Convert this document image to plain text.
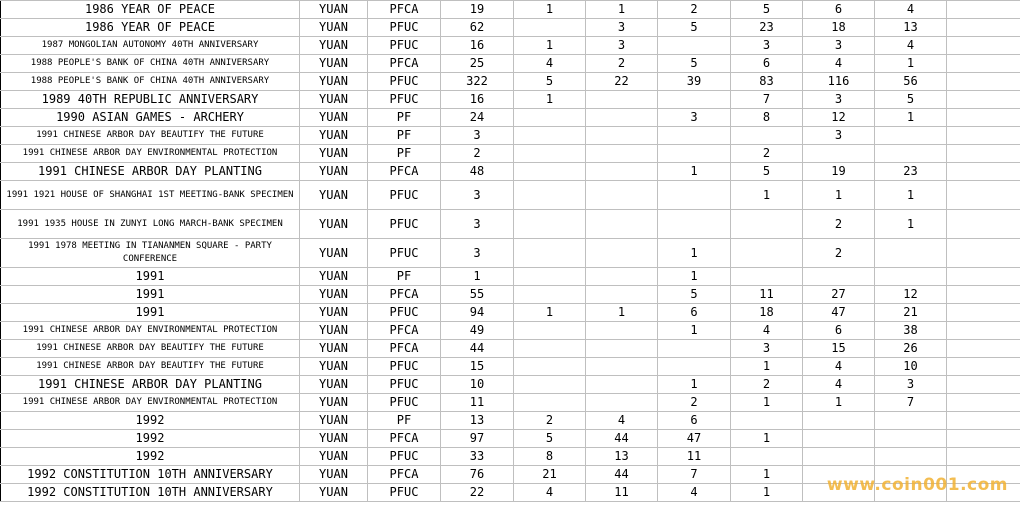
1986 YEAR OF PEACE	YUAN	PFCA	19	1	1	2	5	6	4	
1986 YEAR OF PEACE	YUAN	PFUC	62		3	5	23	18	13	
1987 MONGOLIAN AUTONOMY 40TH ANNIVERSARY	YUAN	PFUC	16	1	3		3	3	4	
1988 PEOPLE'S BANK OF CHINA 40TH ANNIVERSARY	YUAN	PFCA	25	4	2	5	6	4	1	
1988 PEOPLE'S BANK OF CHINA 40TH ANNIVERSARY	YUAN	PFUC	322	5	22	39	83	116	56	
1989 40TH REPUBLIC ANNIVERSARY	YUAN	PFUC	16	1			7	3	5	
1990 ASIAN GAMES - ARCHERY	YUAN	PF	24			3	8	12	1	
1991 CHINESE ARBOR DAY BEAUTIFY THE FUTURE	YUAN	PF	3					3		
1991 CHINESE ARBOR DAY ENVIRONMENTAL PROTECTION	YUAN	PF	2				2			
1991 CHINESE ARBOR DAY PLANTING	YUAN	PFCA	48			1	5	19	23	
1991 1921 HOUSE OF SHANGHAI 1ST MEETING-BANK SPECIMEN	YUAN	PFUC	3				1	1	1	
1991 1935 HOUSE IN ZUNYI LONG MARCH-BANK SPECIMEN	YUAN	PFUC	3					2	1	
1991 1978 MEETING IN TIANANMEN SQUARE - PARTY CONFERENCE	YUAN	PFUC	3			1		2		
1991	YUAN	PF	1			1				
1991	YUAN	PFCA	55			5	11	27	12	
1991	YUAN	PFUC	94	1	1	6	18	47	21	
1991 CHINESE ARBOR DAY ENVIRONMENTAL PROTECTION	YUAN	PFCA	49			1	4	6	38	
1991 CHINESE ARBOR DAY BEAUTIFY THE FUTURE	YUAN	PFCA	44				3	15	26	
1991 CHINESE ARBOR DAY BEAUTIFY THE FUTURE	YUAN	PFUC	15				1	4	10	
1991 CHINESE ARBOR DAY PLANTING	YUAN	PFUC	10			1	2	4	3	
1991 CHINESE ARBOR DAY ENVIRONMENTAL PROTECTION	YUAN	PFUC	11			2	1	1	7	
1992	YUAN	PF	13	2	4	6				
1992	YUAN	PFCA	97	5	44	47	1			
1992	YUAN	PFUC	33	8	13	11				
1992 CONSTITUTION 10TH ANNIVERSARY	YUAN	PFCA	76	21	44	7	1			
1992 CONSTITUTION 10TH ANNIVERSARY	YUAN	PFUC	22	4	11	4	1				www.coin001.com
